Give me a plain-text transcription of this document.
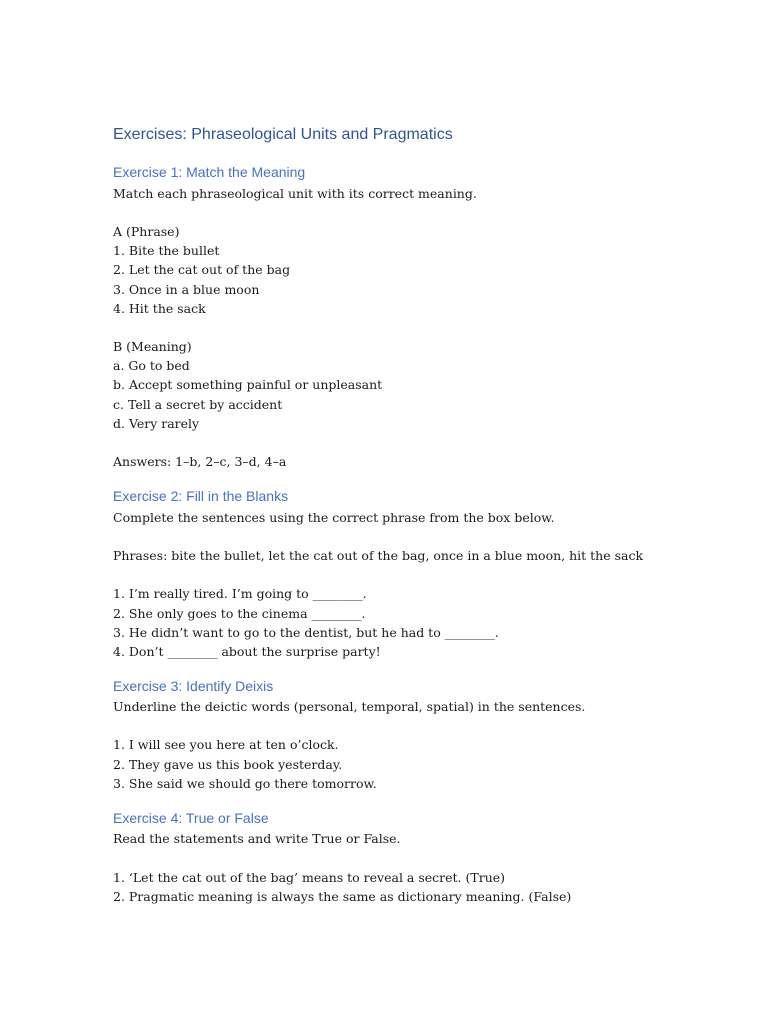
Exercises: Phraseological Units and Pragmatics
Exercise 1: Match the Meaning

Match each phraseological unit with its correct meaning.

A (Phrase)

1. Bite the bullet

2. Let the cat out of the bag

3. Once in a blue moon

4. Hit the sack

B (Meaning)

a. Go to bed

b. Accept something painful or unpleasant

c. Tell a secret by accident

d. Very rarely

Answers: 1–b, 2–c, 3–d, 4–a

Exercise 2: Fill in the Blanks

Complete the sentences using the correct phrase from the box below.

Phrases: bite the bullet, let the cat out of the bag, once in a blue moon, hit the sack

1. I’m really tired. I’m going to ________.

2. She only goes to the cinema ________.

3. He didn’t want to go to the dentist, but he had to ________.

4. Don’t ________ about the surprise party!

Exercise 3: Identify Deixis

Underline the deictic words (personal, temporal, spatial) in the sentences.

1. I will see you here at ten o’clock.

2. They gave us this book yesterday.

3. She said we should go there tomorrow.

Exercise 4: True or False

Read the statements and write True or False.

1. ‘Let the cat out of the bag’ means to reveal a secret. (True)

2. Pragmatic meaning is always the same as dictionary meaning. (False)
